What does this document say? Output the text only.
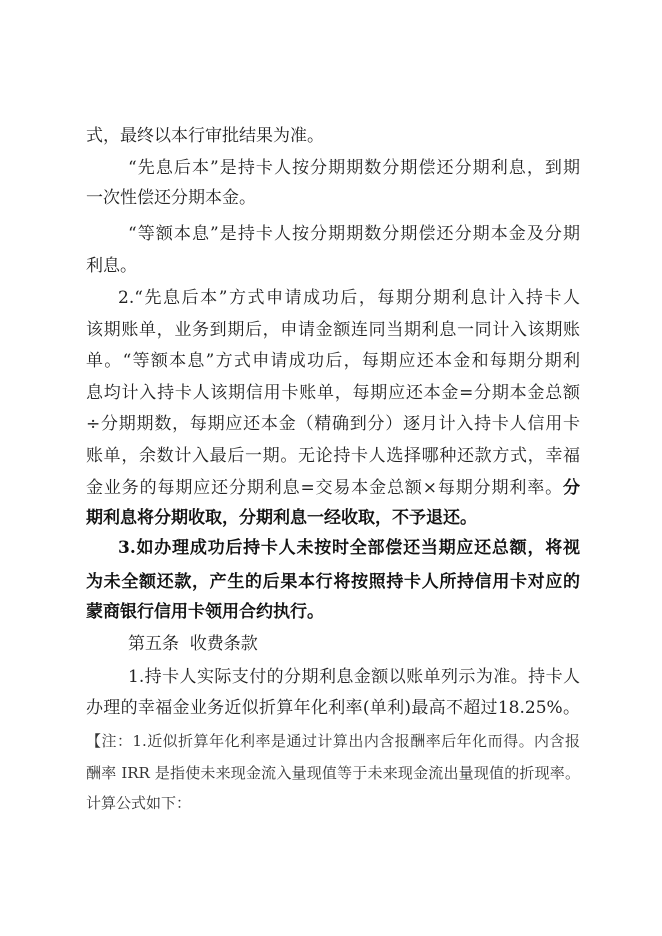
式，最终以本行审批结果为准。
“先息后本”是持卡人按分期期数分期偿还分期利息，到期
一次性偿还分期本金。
“等额本息”是持卡人按分期期数分期偿还分期本金及分期
利息。
2.“先息后本”方式申请成功后，每期分期利息计入持卡人
该期账单，业务到期后，申请金额连同当期利息一同计入该期账
单。“等额本息”方式申请成功后，每期应还本金和每期分期利
息均计入持卡人该期信用卡账单，每期应还本金=分期本金总额
÷分期期数，每期应还本金（精确到分）逐月计入持卡人信用卡
账单，余数计入最后一期。无论持卡人选择哪种还款方式，幸福
金业务的每期应还分期利息=交易本金总额×每期分期利率。分
期利息将分期收取，分期利息一经收取，不予退还。
3.如办理成功后持卡人未按时全部偿还当期应还总额，将视
为未全额还款，产生的后果本行将按照持卡人所持信用卡对应的
蒙商银行信用卡领用合约执行。
第五条  收费条款
1.持卡人实际支付的分期利息金额以账单列示为准。持卡人
办理的幸福金业务近似折算年化利率(单利)最高不超过18.25%。
【注：1.近似折算年化利率是通过计算出内含报酬率后年化而得。内含报
酬率 IRR 是指使未来现金流入量现值等于未来现金流出量现值的折现率。
计算公式如下：
